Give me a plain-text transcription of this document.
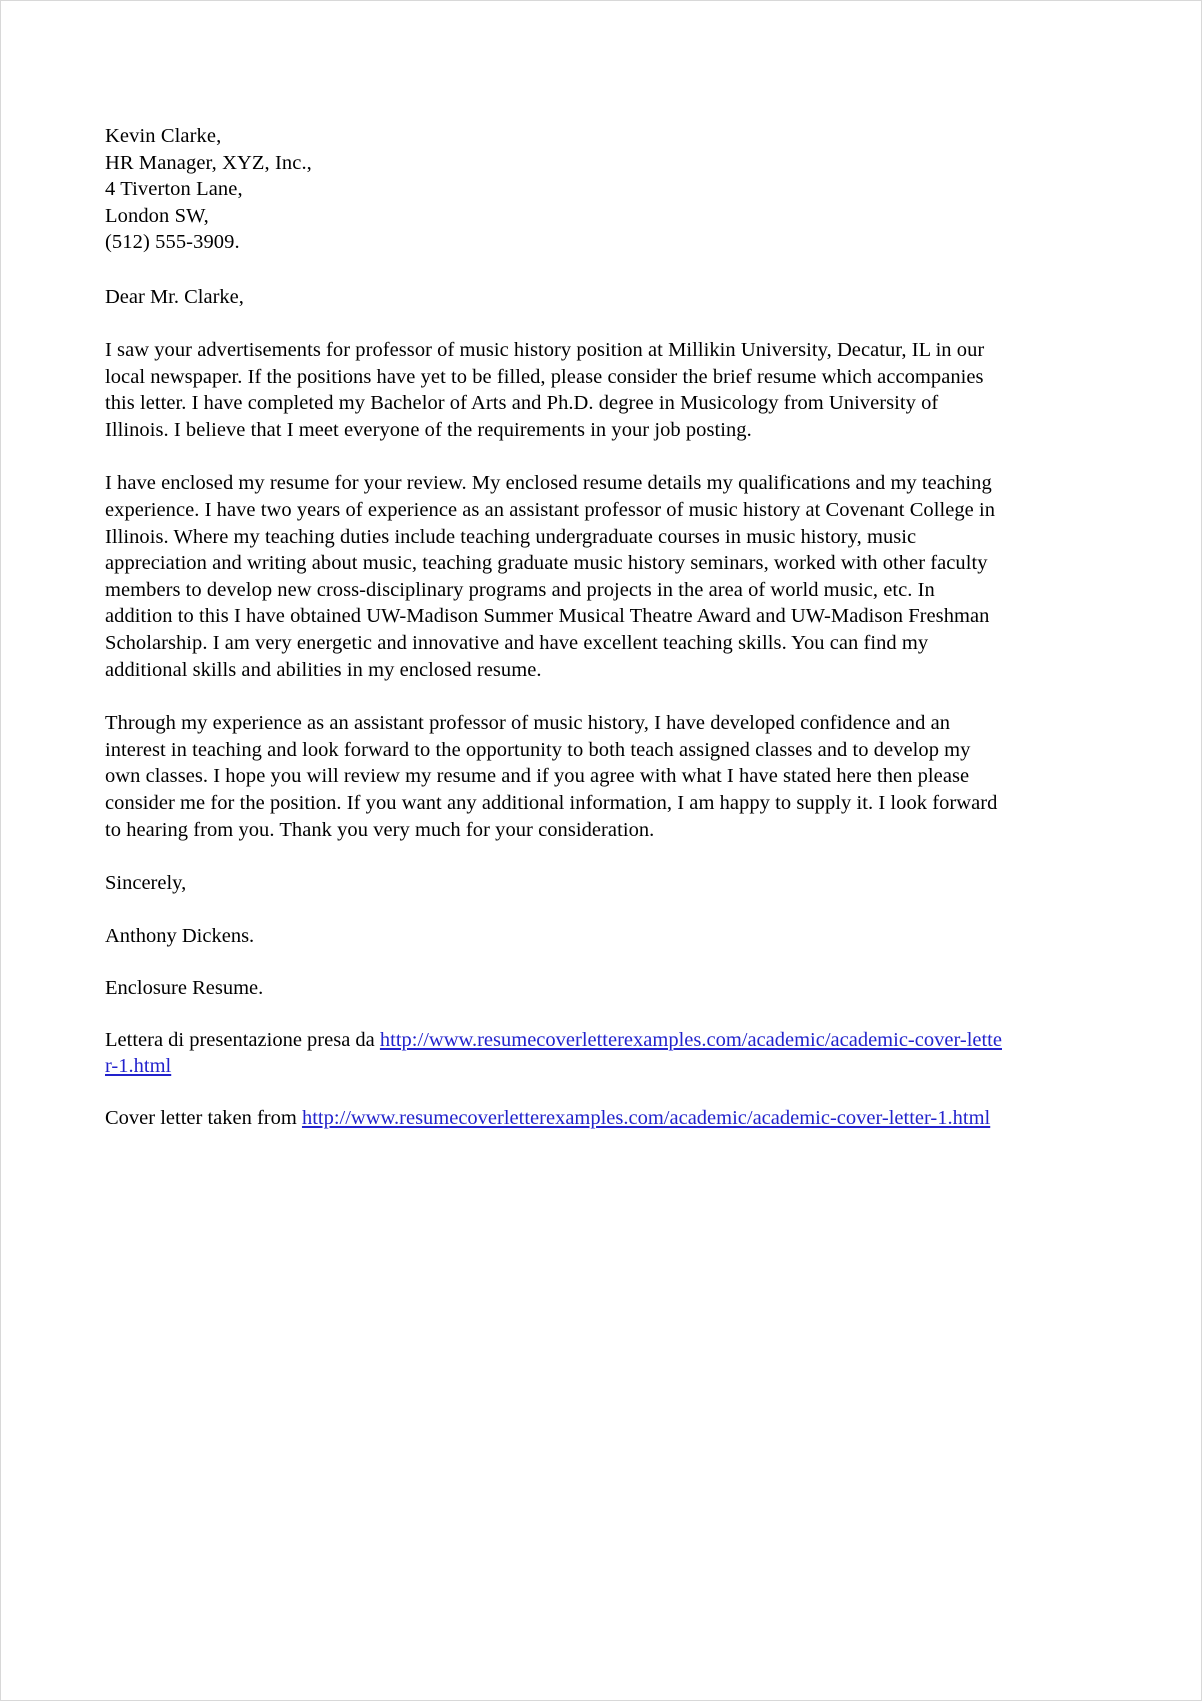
Kevin Clarke,
HR Manager, XYZ, Inc.,
4 Tiverton Lane,
London SW,
(512) 555-3909.
Dear Mr. Clarke,
I saw your advertisements for professor of music history position at Millikin University, Decatur, IL in our local newspaper. If the positions have yet to be filled, please consider the brief resume which accompanies this letter. I have completed my Bachelor of Arts and Ph.D. degree in Musicology from University of Illinois. I believe that I meet everyone of the requirements in your job posting.
I have enclosed my resume for your review. My enclosed resume details my qualifications and my teaching experience. I have two years of experience as an assistant professor of music history at Covenant College in Illinois. Where my teaching duties include teaching undergraduate courses in music history, music appreciation and writing about music, teaching graduate music history seminars, worked with other faculty members to develop new cross-disciplinary programs and projects in the area of world music, etc. In addition to this I have obtained UW-Madison Summer Musical Theatre Award and UW-Madison Freshman Scholarship. I am very energetic and innovative and have excellent teaching skills. You can find my additional skills and abilities in my enclosed resume.
Through my experience as an assistant professor of music history, I have developed confidence and an interest in teaching and look forward to the opportunity to both teach assigned classes and to develop my own classes. I hope you will review my resume and if you agree with what I have stated here then please consider me for the position. If you want any additional information, I am happy to supply it. I look forward to hearing from you. Thank you very much for your consideration.
Sincerely,
Anthony Dickens.
Enclosure Resume.
Lettera di presentazione presa da http://www.resumecoverletterexamples.com/academic/academic-cover-letter-1.html
Cover letter taken from http://www.resumecoverletterexamples.com/academic/academic-cover-letter-1.html
